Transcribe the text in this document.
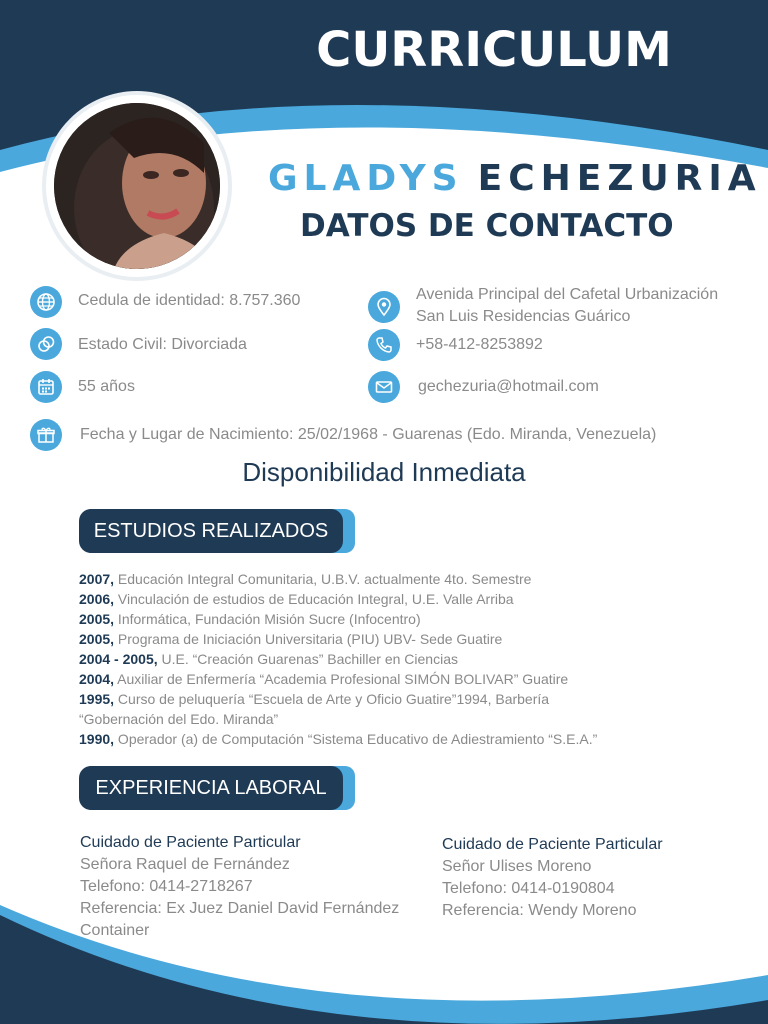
CURRICULUM
GLADYS ECHEZURIA
DATOS DE CONTACTO
Cedula de identidad: 8.757.360
Estado Civil: Divorciada
55 años
Avenida Principal del Cafetal Urbanización
San Luis Residencias Guárico
+58-412-8253892
gechezuria@hotmail.com
Fecha y Lugar de Nacimiento: 25/02/1968 - Guarenas (Edo. Miranda, Venezuela)
Disponibilidad Inmediata
ESTUDIOS REALIZADOS
2007, Educación Integral Comunitaria, U.B.V. actualmente 4to. Semestre
2006, Vinculación de estudios de Educación Integral, U.E. Valle Arriba
2005, Informática, Fundación Misión Sucre (Infocentro)
2005, Programa de Iniciación Universitaria (PIU) UBV- Sede Guatire
2004 - 2005, U.E. “Creación Guarenas” Bachiller en Ciencias
2004, Auxiliar de Enfermería “Academia Profesional SIMÓN BOLIVAR” Guatire
1995, Curso de peluquería “Escuela de Arte y Oficio Guatire”1994, Barbería “Gobernación del Edo. Miranda”
1990, Operador (a) de Computación “Sistema Educativo de Adiestramiento “S.E.A.”
EXPERIENCIA LABORAL
Cuidado de Paciente Particular
Señora Raquel de Fernández
Telefono: 0414-2718267
Referencia: Ex Juez Daniel David Fernández Container
Cuidado de Paciente Particular
Señor Ulises Moreno
Telefono: 0414-0190804
Referencia: Wendy Moreno
